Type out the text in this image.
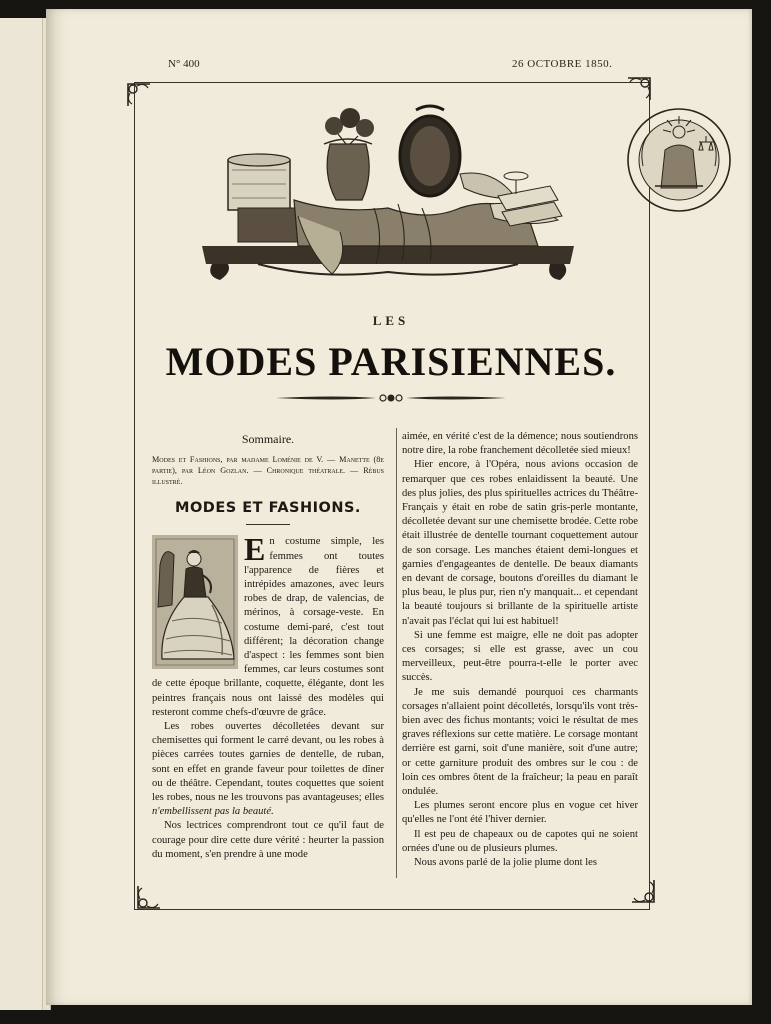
N° 400	26 OCTOBRE 1850.
LES
MODES PARISIENNES.
Sommaire.

Modes et Fashions, par madame Loménie de V. — Manette (8e partie), par Léon Gozlan. — Chronique théatrale. — Rébus illustré.

MODES ET FASHIONS.
E n costume simple, les femmes ont toutes l'apparence de fières et intrépides amazones, avec leurs robes de drap, de valencias, de mérinos, à corsage-veste. En costume demi-paré, c'est tout différent; la décoration change d'aspect : les femmes sont bien femmes, car leurs costumes sont de cette époque brillante, coquette, élégante, dont les peintres français nous ont laissé des modèles qui resteront comme chefs-d'œuvre de grâce.

Les robes ouvertes décolletées devant sur chemisettes qui forment le carré devant, ou les robes à pièces carrées toutes garnies de dentelle, de ruban, sont en effet en grande faveur pour toilettes de dîner ou de théâtre. Cependant, toutes coquettes que soient les robes, nous ne les trouvons pas avantageuses; elles n'embellissent pas la beauté.

Nos lectrices comprendront tout ce qu'il faut de courage pour dire cette dure vérité : heurter la passion du moment, s'en prendre à une mode

aimée, en vérité c'est de la démence; nous soutiendrons notre dire, la robe franchement décolletée sied mieux!

Hier encore, à l'Opéra, nous avions occasion de remarquer que ces robes enlaidissent la beauté. Une des plus jolies, des plus spirituelles actrices du Théâtre-Français y était en robe de satin gris-perle montante, décolletée devant sur une chemisette brodée. Cette robe était illustrée de dentelle tournant coquettement autour de son corsage. Les manches étaient demi-longues et garnies d'engageantes de dentelle. De beaux diamants en devant de corsage, boutons d'oreilles du diamant le plus beau, le plus pur, rien n'y manquait... et cependant la beauté toujours si brillante de la spirituelle artiste n'avait pas l'éclat qui lui est habituel!

Si une femme est maigre, elle ne doit pas adopter ces corsages; si elle est grasse, avec un cou merveilleux, peut-être pourra-t-elle le porter avec succès.

Je me suis demandé pourquoi ces charmants corsages n'allaient point décolletés, lorsqu'ils vont très-bien avec des fichus montants; voici le résultat de mes graves réflexions sur cette matière. Le corsage montant derrière est garni, soit d'une manière, soit d'une autre; or cette garniture produit des ombres sur le cou : de loin ces ombres ôtent de la fraîcheur; la peau en paraît ondulée.

Les plumes seront encore plus en vogue cet hiver qu'elles ne l'ont été l'hiver dernier.

Il est peu de chapeaux ou de capotes qui ne soient ornées d'une ou de plusieurs plumes.

Nous avons parlé de la jolie plume dont les
